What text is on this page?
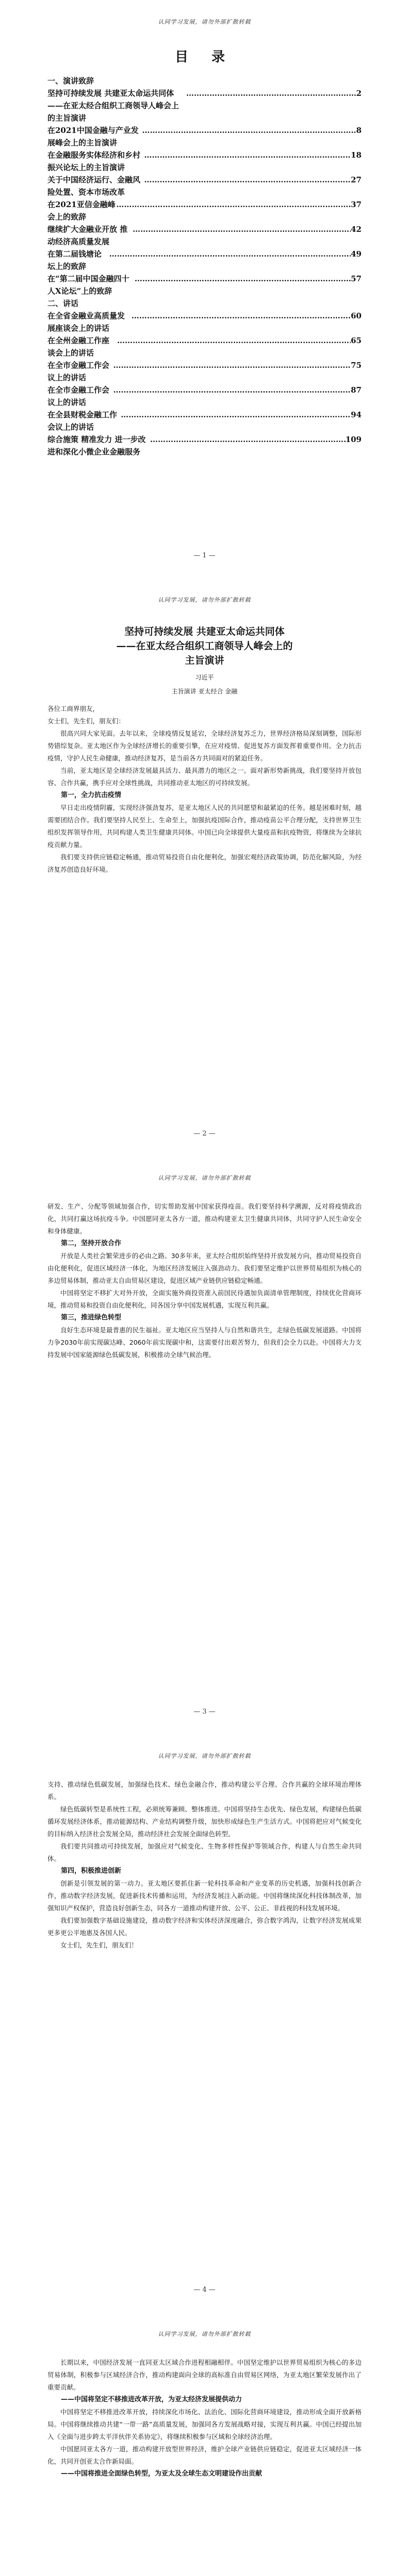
认同学习发展，请勿外部扩散转载
目 录
一、演讲致辞
坚持可持续发展 共建亚太命运共同体——在亚太经合组织工商领导人峰会上的主旨演讲
……………………………………………………………………………………………………………………………
2
在2021中国金融与产业发展峰会上的主旨演讲
……………………………………………………………………………………………………………………………
8
在金融服务实体经济和乡村振兴论坛上的主旨演讲
……………………………………………………………………………………………………………………………
18
关于中国经济运行、金融风险处置、资本市场改革
……………………………………………………………………………………………………………………………
27
在2021亚信金融峰会上的致辞
……………………………………………………………………………………………………………………………
37
继续扩大金融业开放 推动经济高质量发展
……………………………………………………………………………………………………………………………
42
在第二届钱塘论坛上的致辞
……………………………………………………………………………………………………………………………
49
在“第二届中国金融四十人X论坛”上的致辞
……………………………………………………………………………………………………………………………
57
二、讲话
在全省金融业高质量发展座谈会上的讲话
……………………………………………………………………………………………………………………………
60
在全州金融工作座谈会上的讲话
……………………………………………………………………………………………………………………………
65
在全市金融工作会议上的讲话
……………………………………………………………………………………………………………………………
75
在全市金融工作会议上的讲话
……………………………………………………………………………………………………………………………
87
在全县财税金融工作会议上的讲话
……………………………………………………………………………………………………………………………
94
综合施策 精准发力 进一步改进和深化小微企业金融服务
……………………………………………………………………………………………………………………………
109
— 1 —
认同学习发展，请勿外部扩散转载
坚持可持续发展 共建亚太命运共同体
——在亚太经合组织工商领导人峰会上的
主旨演讲
习近平
主旨演讲 亚太经合 金融
各位工商界朋友，
女士们，先生们，朋友们：

很高兴同大家见面。去年以来，全球疫情反复延宕，全球经济复苏乏力，世界经济格局深刻调整，国际形势错综复杂。亚太地区作为全球经济增长的重要引擎，在应对疫情、促进复苏方面发挥着重要作用。全力抗击疫情，守护人民生命健康，推动经济复苏，是当前各方共同面对的紧迫任务。

当前，亚太地区是全球经济发展最具活力、最具潜力的地区之一。面对新形势新挑战，我们要坚持开放包容、合作共赢，携手应对全球性挑战，共同推动亚太地区的可持续发展。

第一，全力抗击疫情

早日走出疫情阴霾，实现经济强劲复苏，是亚太地区人民的共同愿望和最紧迫的任务。越是困难时刻，越需要团结合作。我们要坚持人民至上、生命至上，加强抗疫国际合作，推动疫苗公平合理分配，支持世界卫生组织发挥领导作用，共同构建人类卫生健康共同体。中国已向全球提供大量疫苗和抗疫物资，将继续为全球抗疫贡献力量。

我们要支持供应链稳定畅通，推动贸易投资自由化便利化，加强宏观经济政策协调，防范化解风险，为经济复苏创造良好环境。

— 2 —
认同学习发展，请勿外部扩散转载

研发、生产、分配等领域加强合作，切实帮助发展中国家获得疫苗。我们要坚持科学溯源，反对将疫情政治化，共同打赢这场抗疫斗争。中国愿同亚太各方一道，推动构建亚太卫生健康共同体，共同守护人民生命安全和身体健康。

第二，坚持开放合作

开放是人类社会繁荣进步的必由之路。30多年来，亚太经合组织始终坚持开放发展方向，推动贸易投资自由化便利化，促进区域经济一体化，为地区经济发展注入强劲动力。我们要坚定维护以世界贸易组织为核心的多边贸易体制，推动亚太自由贸易区建设，促进区域产业链供应链稳定畅通。

中国将坚定不移扩大对外开放，全面实施外商投资准入前国民待遇加负面清单管理制度，持续优化营商环境，推动贸易和投资自由化便利化，同各国分享中国发展机遇，实现互利共赢。

第三，推进绿色转型

良好生态环境是最普惠的民生福祉。亚太地区应当坚持人与自然和谐共生，走绿色低碳发展道路。中国将力争2030年前实现碳达峰、2060年前实现碳中和，这需要付出艰苦努力，但我们会全力以赴。中国将大力支持发展中国家能源绿色低碳发展，积极推动全球气候治理。

— 3 —
认同学习发展，请勿外部扩散转载

支持、推动绿色低碳发展，加强绿色技术、绿色金融合作，推动构建公平合理、合作共赢的全球环境治理体系。

绿色低碳转型是系统性工程，必须统筹兼顾、整体推进。中国将坚持生态优先、绿色发展，构建绿色低碳循环发展经济体系，推动能源结构、产业结构调整升级，加快形成绿色生产生活方式。中国将把应对气候变化的目标纳入经济社会发展全局，推动经济社会发展全面绿色转型。

我们要共同推动可持续发展，加强应对气候变化、生物多样性保护等领域合作，构建人与自然生命共同体。

第四，积极推进创新

创新是引领发展的第一动力。亚太地区要抓住新一轮科技革命和产业变革的历史机遇，加强科技创新合作，推动数字经济发展，促进新技术传播和运用，为经济发展注入新动能。中国将继续深化科技体制改革，加强知识产权保护，营造良好创新生态，同各方一道推动构建开放、公平、公正、非歧视的科技发展环境。

我们要加强数字基础设施建设，推动数字经济和实体经济深度融合，弥合数字鸿沟，让数字经济发展成果更多更公平地惠及各国人民。

女士们，先生们，朋友们！

— 4 —
认同学习发展，请勿外部扩散转载

长期以来，中国经济发展一直同亚太区域合作进程相融相伴。中国坚定维护以世界贸易组织为核心的多边贸易体制，积极参与区域经济合作，推动构建面向全球的高标准自由贸易区网络，为亚太地区繁荣发展作出了重要贡献。

——中国将坚定不移推进改革开放，为亚太经济发展提供动力

中国将坚定不移推进改革开放，持续深化市场化、法治化、国际化营商环境建设，推动形成全面开放新格局。中国将继续推动共建“一带一路”高质量发展，加强同各方发展战略对接，实现互利共赢。中国已经提出加入《全面与进步跨太平洋伙伴关系协定》，将继续积极参与区域和全球经济治理。

中国愿同亚太各方一道，推动构建开放型世界经济，维护全球产业链供应链稳定，促进亚太区域经济一体化，共同开创亚太合作新局面。

——中国将推进全面绿色转型，为亚太及全球生态文明建设作出贡献
